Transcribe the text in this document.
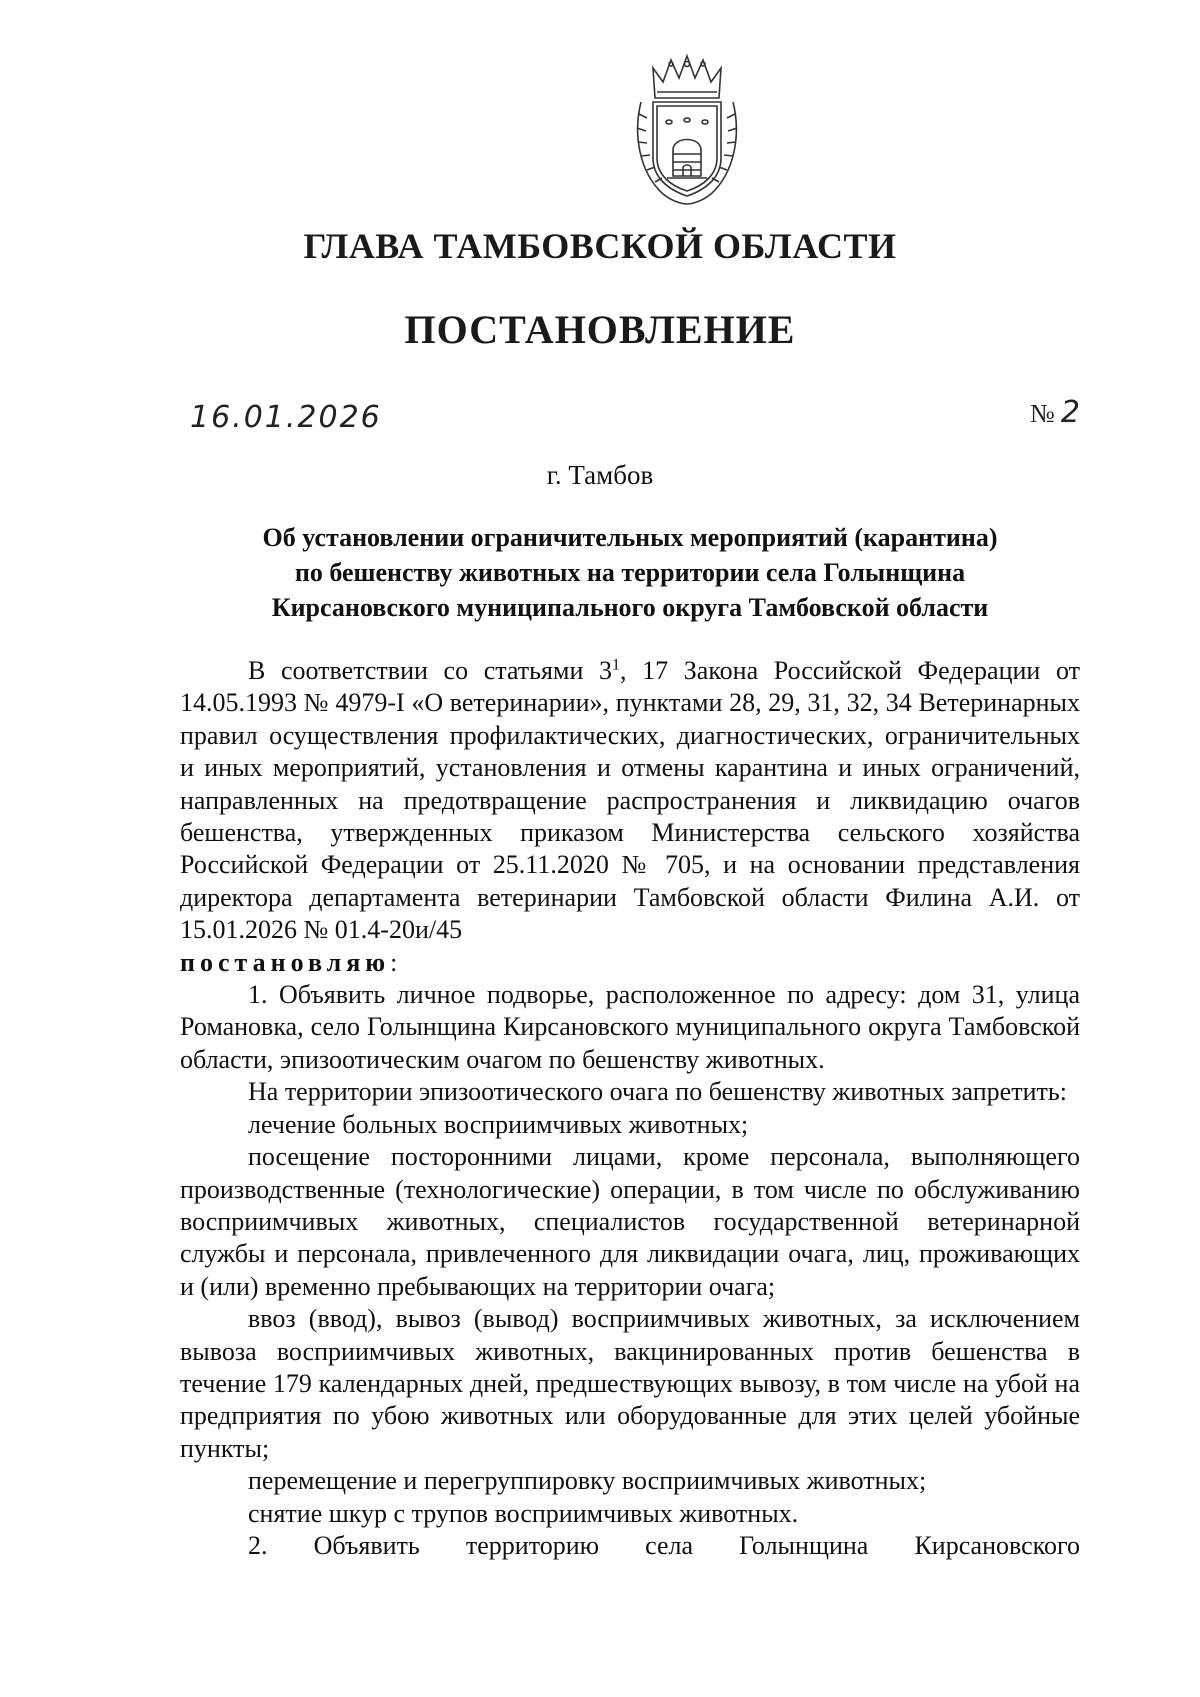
ГЛАВА ТАМБОВСКОЙ ОБЛАСТИ
ПОСТАНОВЛЕНИЕ
16.01.2026	№ 2
г. Тамбов
Об установлении ограничительных мероприятий (карантина)
по бешенству животных на территории села Голынщина
Кирсановского муниципального округа Тамбовской области

В соответствии со статьями $3^1$, 17 Закона Российской Федерации от 14.05.1993 № 4979-I «О ветеринарии», пунктами 28, 29, 31, 32, 34 Ветеринарных правил осуществления профилактических, диагностических, ограничительных и иных мероприятий, установления и отмены карантина и иных ограничений, направленных на предотвращение распространения и ликвидацию очагов бешенства, утвержденных приказом Министерства сельского хозяйства Российской Федерации от 25.11.2020 № 705, и на основании представления директора департамента ветеринарии Тамбовской области Филина А.И. от 15.01.2026 № 01.4-20и/45

постановляю:

1. Объявить личное подворье, расположенное по адресу: дом 31, улица Романовка, село Голынщина Кирсановского муниципального округа Тамбовской области, эпизоотическим очагом по бешенству животных.

На территории эпизоотического очага по бешенству животных запретить:

лечение больных восприимчивых животных;

посещение посторонними лицами, кроме персонала, выполняющего производственные (технологические) операции, в том числе по обслуживанию восприимчивых животных, специалистов государственной ветеринарной службы и персонала, привлеченного для ликвидации очага, лиц, проживающих и (или) временно пребывающих на территории очага;

ввоз (ввод), вывоз (вывод) восприимчивых животных, за исключением вывоза восприимчивых животных, вакцинированных против бешенства в течение 179 календарных дней, предшествующих вывозу, в том числе на убой на предприятия по убою животных или оборудованные для этих целей убойные пункты;

перемещение и перегруппировку восприимчивых животных;

снятие шкур с трупов восприимчивых животных.

2. Объявить территорию села Голынщина Кирсановского
